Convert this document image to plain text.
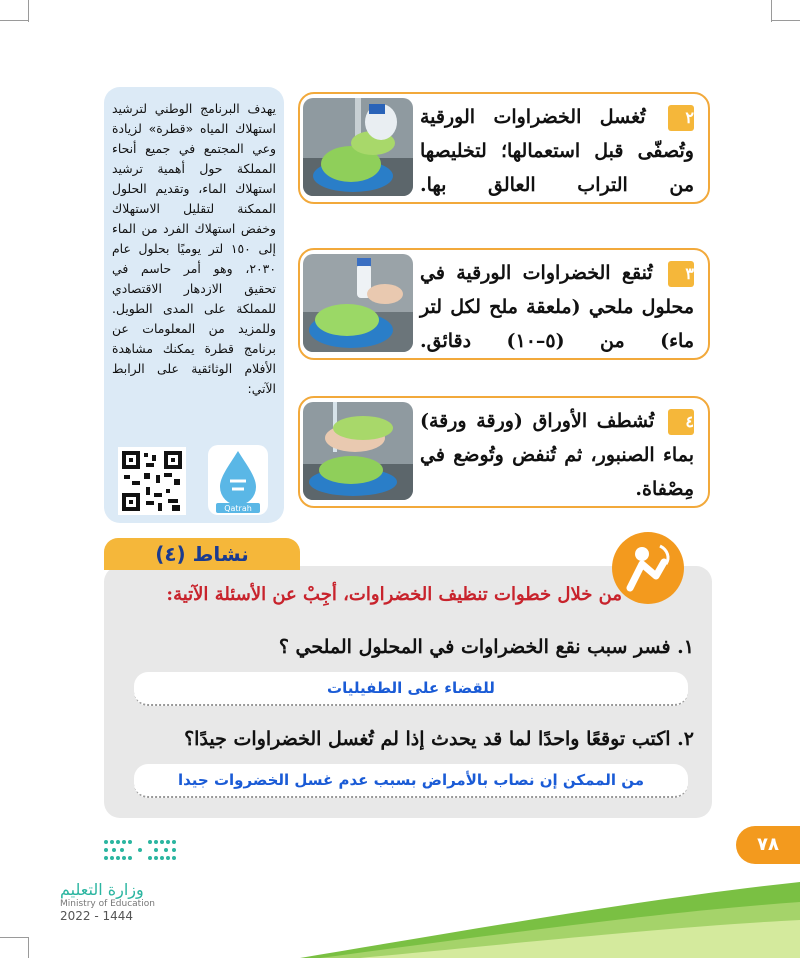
٢ تُغسل الخضراوات الورقية وتُصفّى قبل استعمالها؛ لتخليصها من التراب العالق بها.
٣ تُنقع الخضراوات الورقية في محلول ملحي (ملعقة ملح لكل لتر ماء) من (٥–١٠) دقائق.
٤ تُشطف الأوراق (ورقة ورقة) بماء الصنبور، ثم تُنفض وتُوضع في مِصْفاة.

يهدف البرنامج الوطني لترشيد استهلاك المياه «قطرة» لزيادة وعي المجتمع في جميع أنحاء المملكة حول أهمية ترشيد استهلاك الماء، وتقديم الحلول الممكنة لتقليل الاستهلاك وخفض استهلاك الفرد من الماء إلى ١٥٠ لتر يوميًا بحلول عام ٢٠٣٠، وهو أمر حاسم في تحقيق الازدهار الاقتصادي للمملكة على المدى الطويل. وللمزيد من المعلومات عن برنامج قطرة يمكنك مشاهدة الأفلام الوثائقية على الرابط الآتي:

Qatrah
من خلال خطوات تنظيف الخضراوات، أجِبْ عن الأسئلة الآتية:
١. فسر سبب نقع الخضراوات في المحلول الملحي ؟
للقضاء على الطفيليات
٢. اكتب توقعًا واحدًا لما قد يحدث إذا لم تُغسل الخضراوات جيدًا؟
من الممكن إن نصاب بالأمراض بسبب عدم غسل الخضروات جيدا
نشاط (٤)
٧٨
وزارة التعليم
Ministry of Education
2022 - 1444
